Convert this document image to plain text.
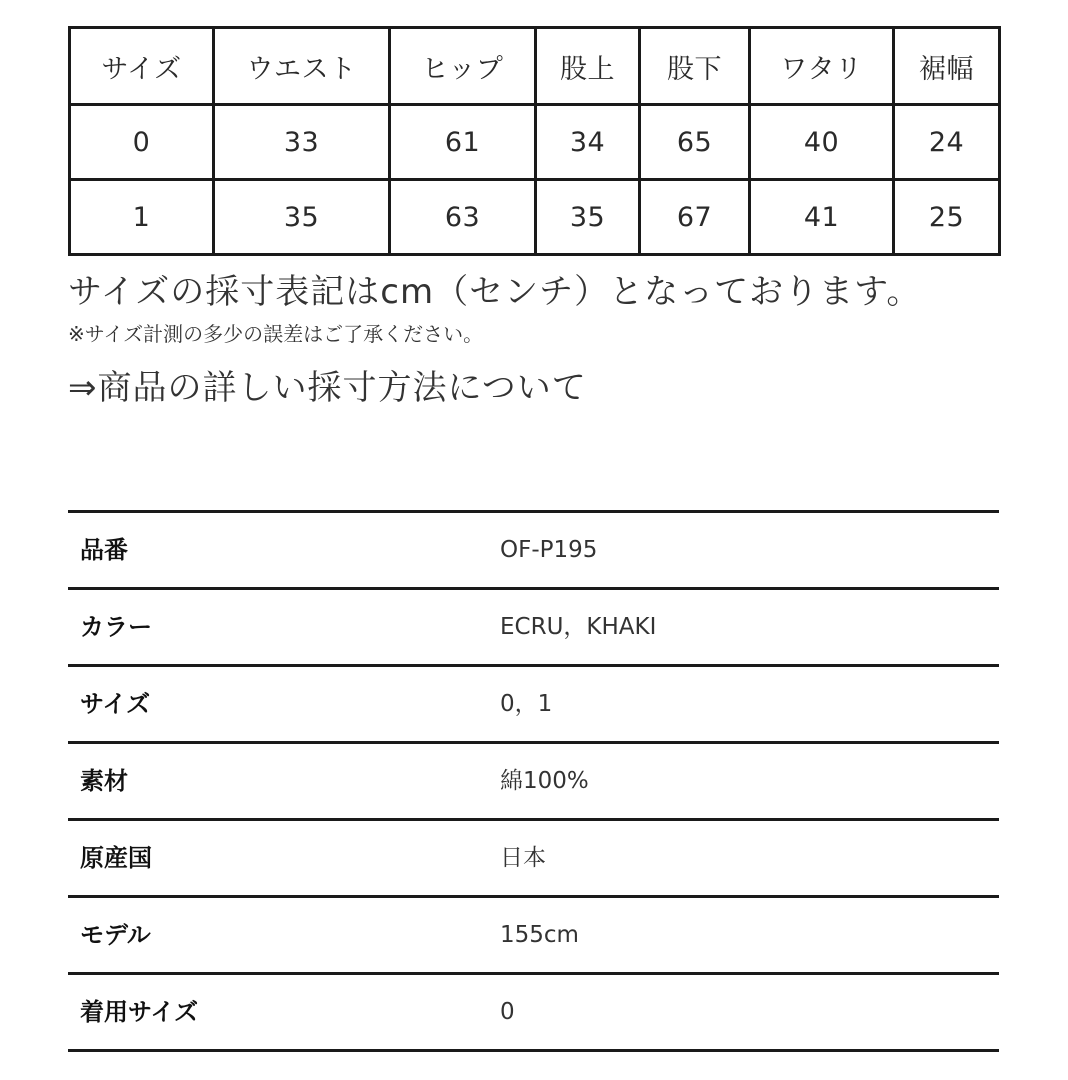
サイズ	ウエスト	ヒップ	股上	股下	ワタリ	裾幅
0	33	61	34	65	40	24
1	35	63	35	67	41	25
サイズの採寸表記はcm（センチ）となっております。
※サイズ計測の多少の誤差はご了承ください。
⇒商品の詳しい採寸方法について
品番	OF-P195
カラー	ECRU，KHAKI
サイズ	0，1
素材	綿100%
原産国	日本
モデル	155cm
着用サイズ	0
